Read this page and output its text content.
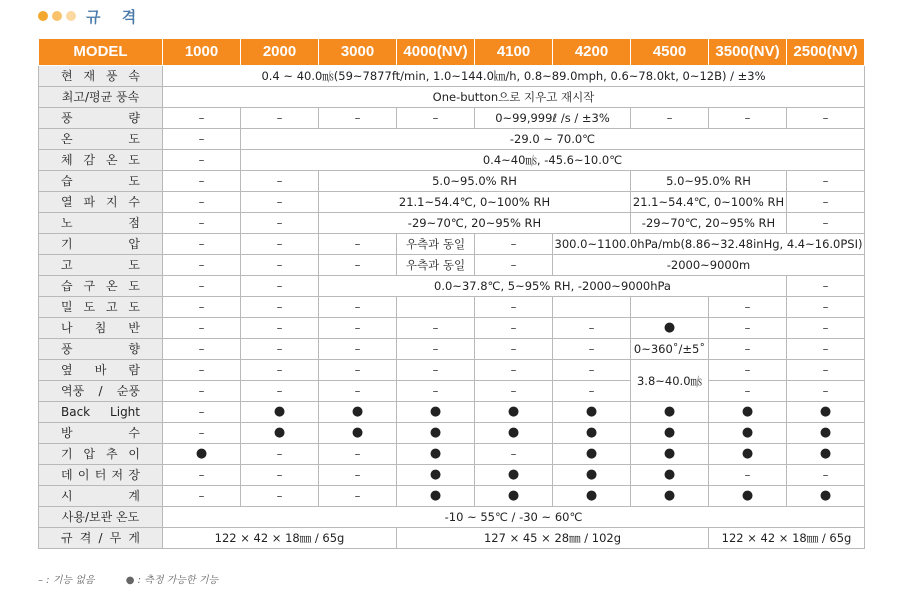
규 격
MODEL	1000	2000	3000	4000(NV)	4100	4200	4500	3500(NV)	2500(NV)

현 재 풍 속	0.4 ~ 40.0㎧(59~7877ft/min, 1.0~144.0㎞/h, 0.8~89.0mph, 0.6~78.0kt, 0~12B) / ±3%								
최고/평균 풍속	One-button으로 지우고 재시작								

풍 량	–	–	–	–	0~99,999ℓ /s / ±3%		–	–	–

온 도	–	-29.0 ~ 70.0℃							

체 감 온 도	–	0.4~40㎧, -45.6~10.0℃							

습 도	–	–	5.0~95.0% RH				5.0~95.0% RH		–

열 파 지 수	–	–	21.1~54.4℃, 0~100% RH				21.1~54.4℃, 0~100% RH		–

노 점	–	–	-29~70℃, 20~95% RH				-29~70℃, 20~95% RH		–

기 압	–	–	–	우측과 동일	–	300.0~1100.0hPa/mb(8.86~32.48inHg, 4.4~16.0PSI)			

고 도	–	–	–	우측과 동일	–	-2000~9000m			

습 구 온 도	–	–	0.0~37.8℃, 5~95% RH, -2000~9000hPa						–

밀 도 고 도	–	–	–		–			–	–

나 침 반	–	–	–	–	–	–	●	–	–

풍 향	–	–	–	–	–	–	0~360˚/±5˚	–	–

옆 바 람	–	–	–	–	–	–	3.8~40.0㎧	–	–

역풍 / 순풍	–	–	–	–	–	–		–	–

Back Light	–	●	●	●	●	●	●	●	●

방 수	–	●	●	●	●	●	●	●	●

기 압 추 이	●	–	–	●	–	●	●	●	●

데 이 터 저 장	–	–	–	●	●	●	●	–	–

시 계	–	–	–	●	●	●	●	●	●
사용/보관 온도	-10 ~ 55℃ / -30 ~ 60℃								

규 격 / 무 게	122 × 42 × 18㎜ / 65g			127 × 45 × 28㎜ / 102g				122 × 42 × 18㎜ / 65g	
– : 기능 없음	● : 측정 가능한 기능
